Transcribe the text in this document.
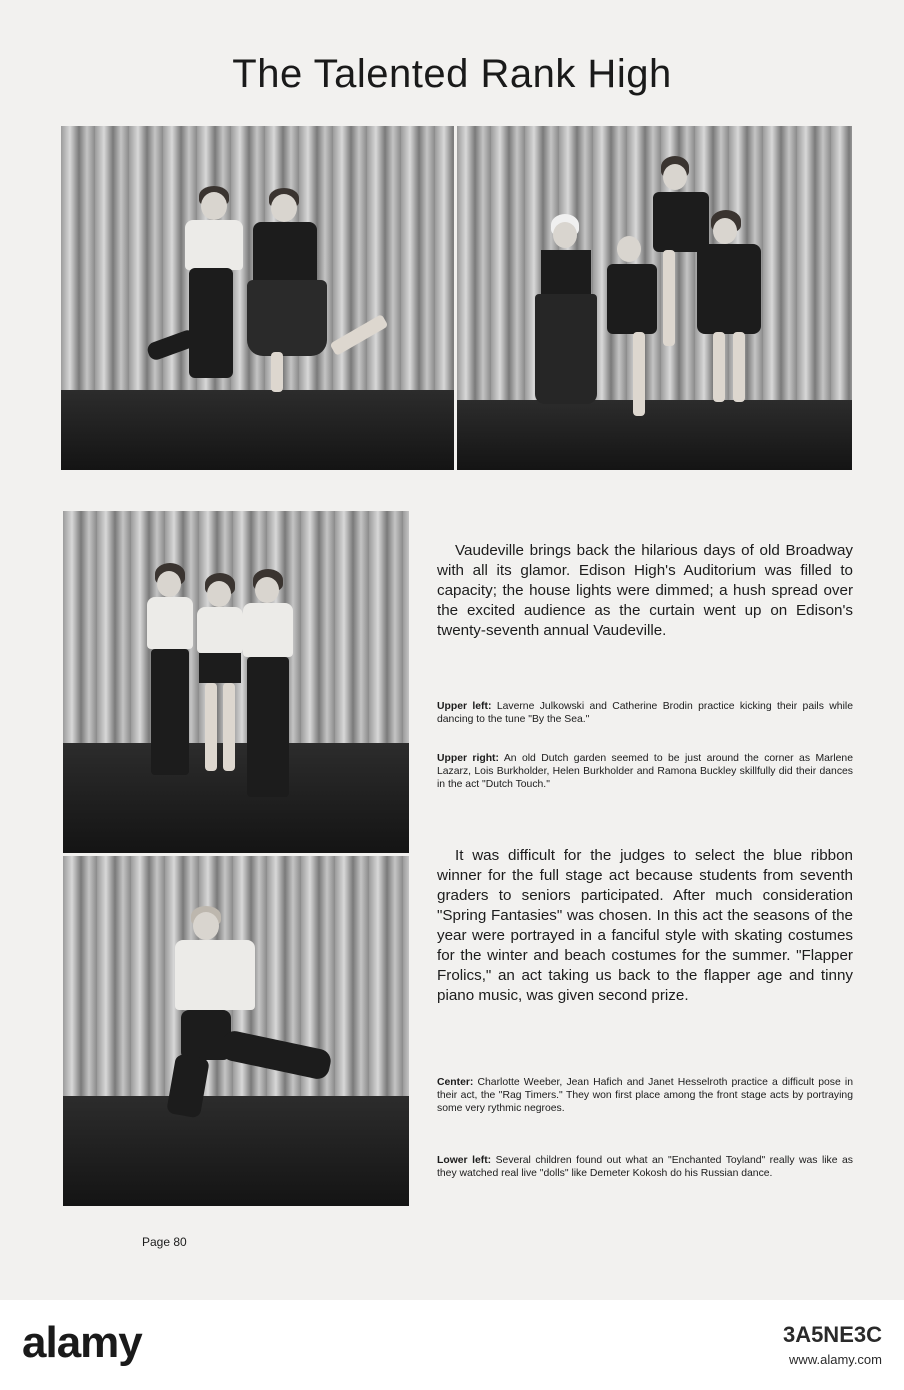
The Talented Rank High

Vaudeville brings back the hilarious days of old Broadway with all its glamor. Edison High's Auditorium was filled to capacity; the house lights were dimmed; a hush spread over the excited audience as the curtain went up on Edison's twenty-seventh annual Vaudeville.

Upper left: Laverne Julkowski and Catherine Brodin practice kicking their pails while dancing to the tune "By the Sea."

Upper right: An old Dutch garden seemed to be just around the corner as Marlene Lazarz, Lois Burkholder, Helen Burkholder and Ramona Buckley skillfully did their dances in the act "Dutch Touch."

It was difficult for the judges to select the blue ribbon winner for the full stage act because students from seventh graders to seniors participated. After much consideration "Spring Fantasies" was chosen. In this act the seasons of the year were portrayed in a fanciful style with skating costumes for the winter and beach costumes for the summer. "Flapper Frolics," an act taking us back to the flapper age and tinny piano music, was given second prize.

Center: Charlotte Weeber, Jean Hafich and Janet Hesselroth practice a difficult pose in their act, the "Rag Timers." They won first place among the front stage acts by portraying some very rythmic negroes.

Lower left: Several children found out what an "Enchanted Toyland" really was like as they watched real live "dolls" like Demeter Kokosh do his Russian dance.

Page 80
alamy	3A5NE3C
www.alamy.com
